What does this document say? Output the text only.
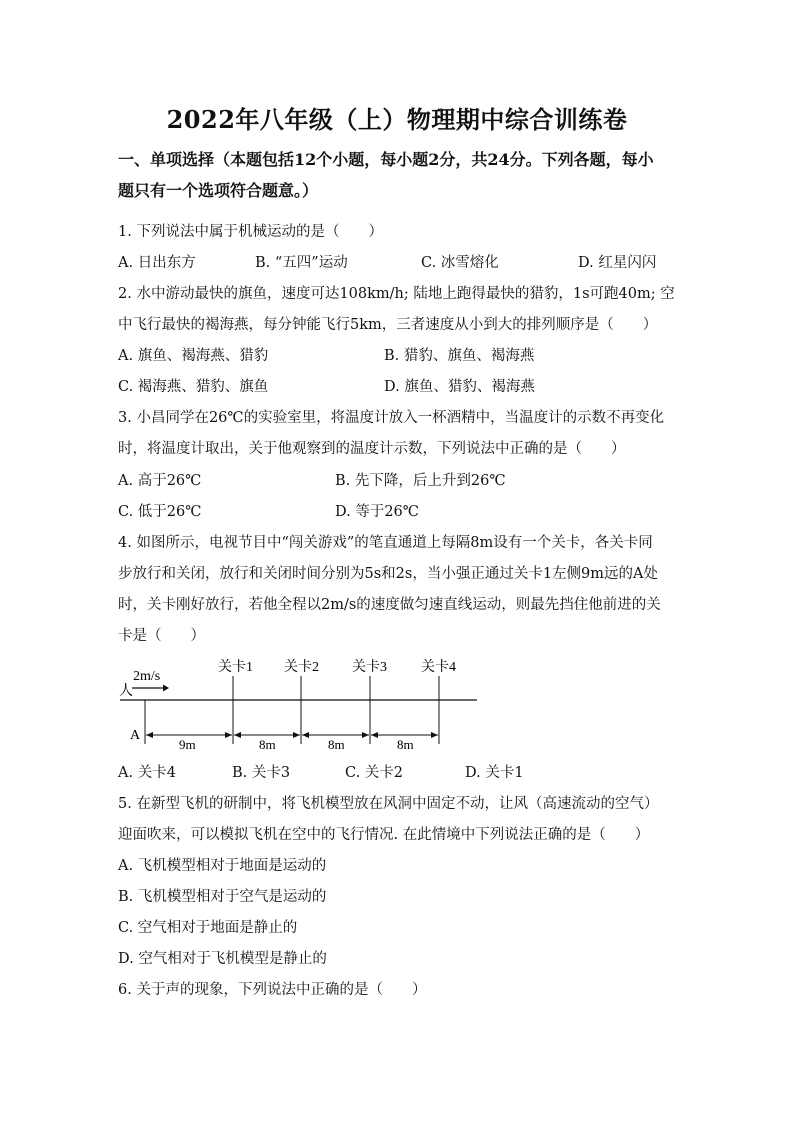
2022年八年级（上）物理期中综合训练卷
一、单项选择（本题包括12个小题，每小题2分，共24分。下列各题，每小
题只有一个选项符合题意。）
1. 下列说法中属于机械运动的是（　　）
A. 日出东方	B. “五四”运动	C. 冰雪熔化	D. 红星闪闪
2. 水中游动最快的旗鱼，速度可达108km/h; 陆地上跑得最快的猎豹，1s可跑40m; 空
中飞行最快的褐海燕，每分钟能飞行5km，三者速度从小到大的排列顺序是（　　）
A. 旗鱼、褐海燕、猎豹	B. 猎豹、旗鱼、褐海燕
C. 褐海燕、猎豹、旗鱼	D. 旗鱼、猎豹、褐海燕
3. 小昌同学在26℃的实验室里，将温度计放入一杯酒精中，当温度计的示数不再变化
时，将温度计取出，关于他观察到的温度计示数，下列说法中正确的是（　　）
A. 高于26℃	B. 先下降，后上升到26℃
C. 低于26℃	D. 等于26℃
4. 如图所示，电视节目中“闯关游戏”的笔直通道上每隔8m设有一个关卡，各关卡同
步放行和关闭，放行和关闭时间分别为5s和2s，当小强正通过关卡1左侧9m远的A处
时，关卡刚好放行，若他全程以2m/s的速度做匀速直线运动，则最先挡住他前进的关
卡是（　　）
2m/s
人
关卡1 关卡2 关卡3 关卡4
A
9m	8m	8m	8m
A. 关卡4	B. 关卡3	C. 关卡2	D. 关卡1
5. 在新型飞机的研制中，将飞机模型放在风洞中固定不动，让风（高速流动的空气）
迎面吹来，可以模拟飞机在空中的飞行情况. 在此情境中下列说法正确的是（　　）
A. 飞机模型相对于地面是运动的
B. 飞机模型相对于空气是运动的
C. 空气相对于地面是静止的
D. 空气相对于飞机模型是静止的
6. 关于声的现象，下列说法中正确的是（　　）
